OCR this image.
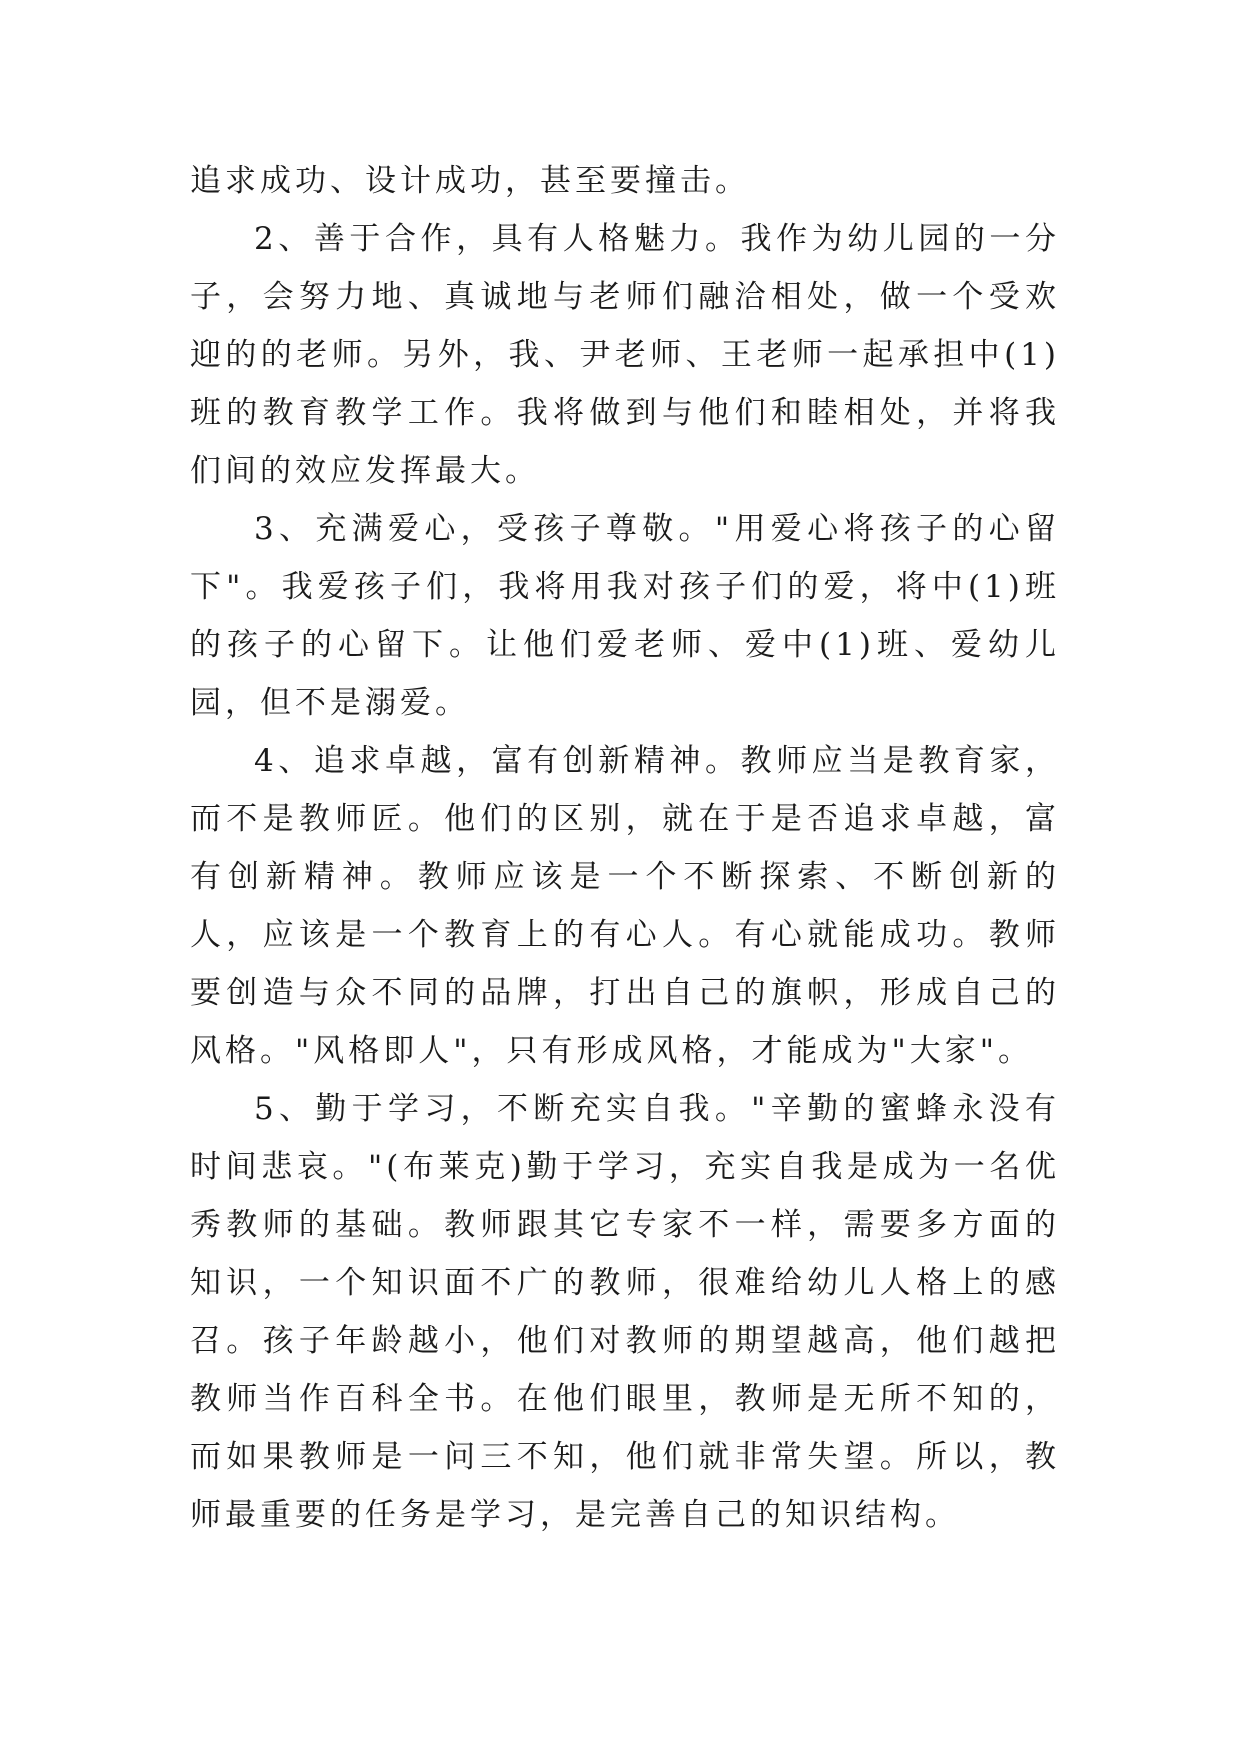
追求成功、设计成功，甚至要撞击。

2、善于合作，具有人格魅力。我作为幼儿园的一分子，会努力地、真诚地与老师们融洽相处，做一个受欢迎的的老师。另外，我、尹老师、王老师一起承担中(1)班的教育教学工作。我将做到与他们和睦相处，并将我们间的效应发挥最大。

3、充满爱心，受孩子尊敬。"用爱心将孩子的心留下"。我爱孩子们，我将用我对孩子们的爱，将中(1)班的孩子的心留下。让他们爱老师、爱中(1)班、爱幼儿园，但不是溺爱。

4、追求卓越，富有创新精神。教师应当是教育家，而不是教师匠。他们的区别，就在于是否追求卓越，富有创新精神。教师应该是一个不断探索、不断创新的人，应该是一个教育上的有心人。有心就能成功。教师要创造与众不同的品牌，打出自己的旗帜，形成自己的风格。"风格即人"，只有形成风格，才能成为"大家"。

5、勤于学习，不断充实自我。"辛勤的蜜蜂永没有时间悲哀。"(布莱克)勤于学习，充实自我是成为一名优秀教师的基础。教师跟其它专家不一样，需要多方面的知识，一个知识面不广的教师，很难给幼儿人格上的感召。孩子年龄越小，他们对教师的期望越高，他们越把教师当作百科全书。在他们眼里，教师是无所不知的，而如果教师是一问三不知，他们就非常失望。所以，教师最重要的任务是学习，是完善自己的知识结构。
